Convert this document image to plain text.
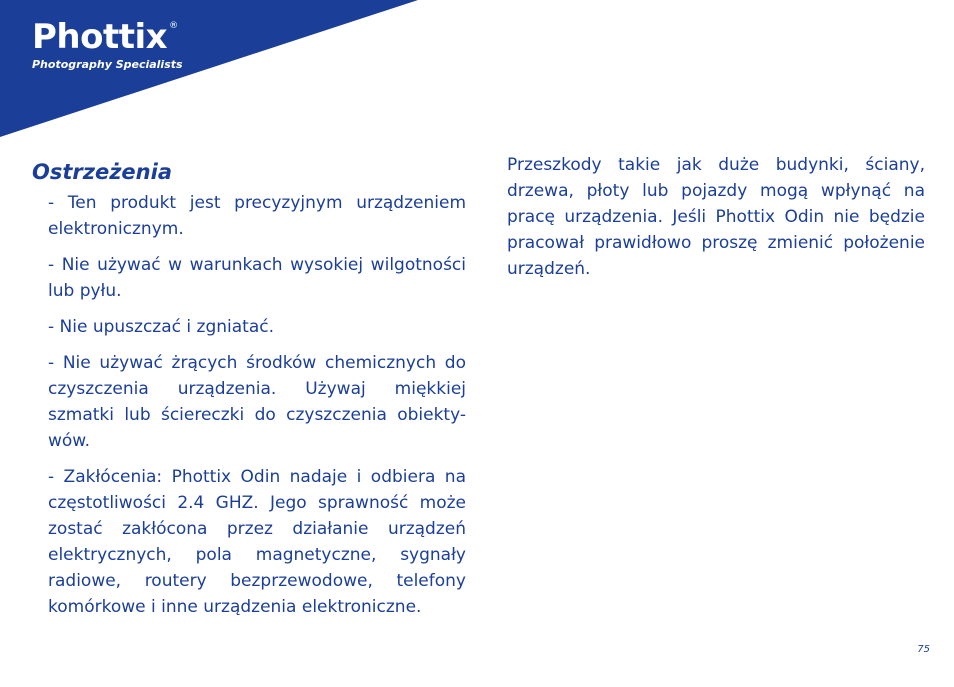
Phottix ®
Photography Specialists
Ostrzeżenia

- Ten produkt jest precyzyjnym urządzeniem elektronicznym.

- Nie używać w warunkach wysokiej wilgotności lub pyłu.

- Nie upuszczać i zgniatać.

- Nie używać żrących środków chemicznych do czyszczenia urządzenia. Używaj miękkiej szmatki lub ściereczki do czyszczenia obiekty-wów.

- Zakłócenia: Phottix Odin nadaje i odbiera na częstotliwości 2.4 GHZ. Jego sprawność może zostać zakłócona przez działanie urządzeń elektrycznych, pola magnetyczne, sygnały radiowe, routery bezprzewodowe, telefony komórkowe i inne urządzenia elektroniczne.

Przeszkody takie jak duże budynki, ściany, drzewa, płoty lub pojazdy mogą wpłynąć na pracę urządzenia. Jeśli Phottix Odin nie będzie pracował prawidłowo proszę zmienić położenie urządzeń.

75
